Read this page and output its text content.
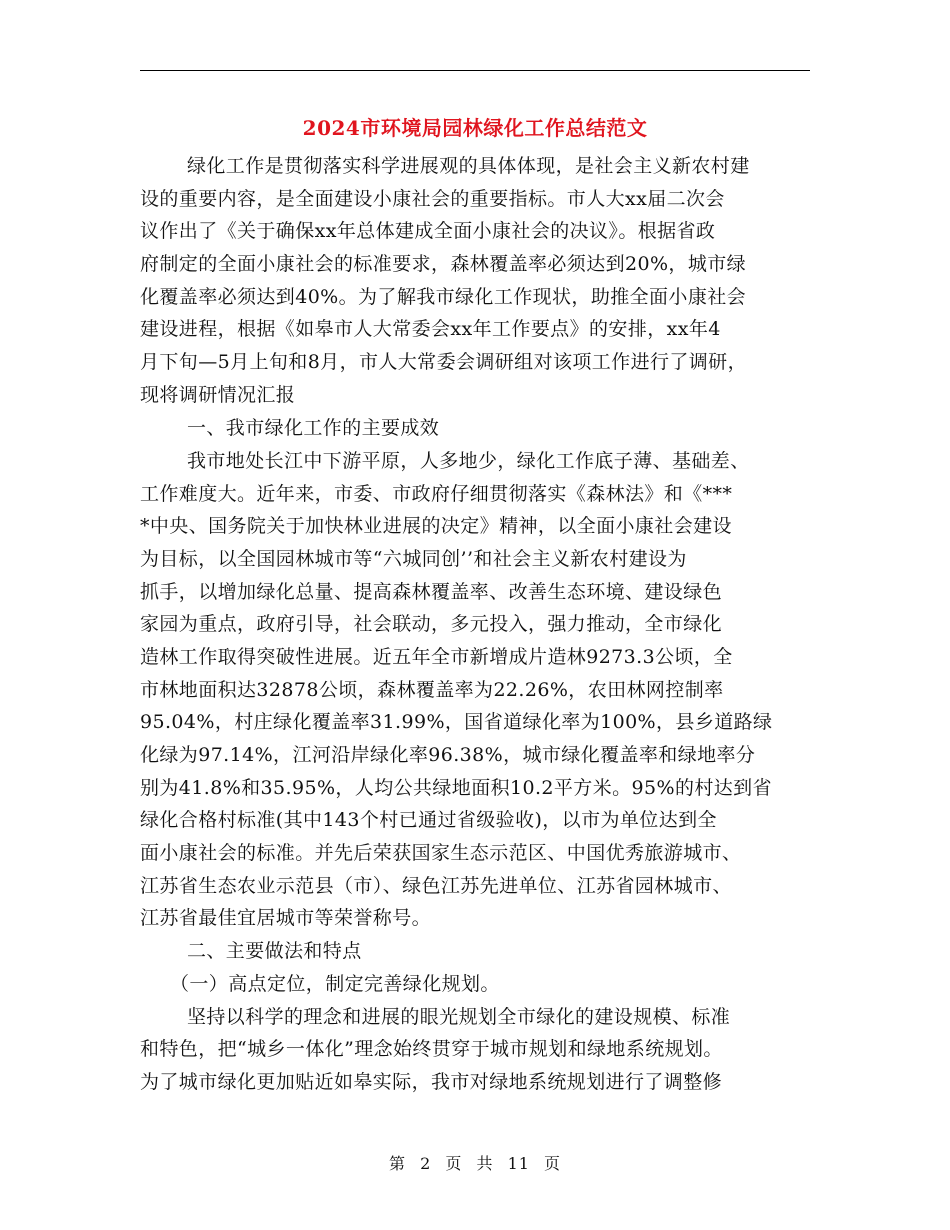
2024市环境局园林绿化工作总结范文
绿化工作是贯彻落实科学进展观的具体体现，是社会主义新农村建
设的重要内容，是全面建设小康社会的重要指标。市人大xx届二次会
议作出了《关于确保xx年总体建成全面小康社会的决议》。根据省政
府制定的全面小康社会的标准要求，森林覆盖率必须达到20%，城市绿
化覆盖率必须达到40%。为了解我市绿化工作现状，助推全面小康社会
建设进程，根据《如皋市人大常委会xx年工作要点》的安排，xx年4
月下旬—5月上旬和8月，市人大常委会调研组对该项工作进行了调研，
现将调研情况汇报
一、我市绿化工作的主要成效
我市地处长江中下游平原，人多地少，绿化工作底子薄、基础差、
工作难度大。近年来，市委、市政府仔细贯彻落实《森林法》和《***
*中央、国务院关于加快林业进展的决定》精神，以全面小康社会建设
为目标，以全国园林城市等“六城同创’’和社会主义新农村建设为
抓手，以增加绿化总量、提高森林覆盖率、改善生态环境、建设绿色
家园为重点，政府引导，社会联动，多元投入，强力推动，全市绿化
造林工作取得突破性进展。近五年全市新增成片造林9273.3公顷，全
市林地面积达32878公顷，森林覆盖率为22.26%，农田林网控制率
95.04%，村庄绿化覆盖率31.99%，国省道绿化率为100%，县乡道路绿
化绿为97.14%，江河沿岸绿化率96.38%，城市绿化覆盖率和绿地率分
别为41.8%和35.95%，人均公共绿地面积10.2平方米。95%的村达到省
绿化合格村标准(其中143个村已通过省级验收)，以市为单位达到全
面小康社会的标准。并先后荣获国家生态示范区、中国优秀旅游城市、
江苏省生态农业示范县（市）、绿色江苏先进单位、江苏省园林城市、
江苏省最佳宜居城市等荣誉称号。
二、主要做法和特点
（一）高点定位，制定完善绿化规划。
坚持以科学的理念和进展的眼光规划全市绿化的建设规模、标准
和特色，把“城乡一体化”理念始终贯穿于城市规划和绿地系统规划。
为了城市绿化更加贴近如皋实际，我市对绿地系统规划进行了调整修
第 2 页 共 11 页
